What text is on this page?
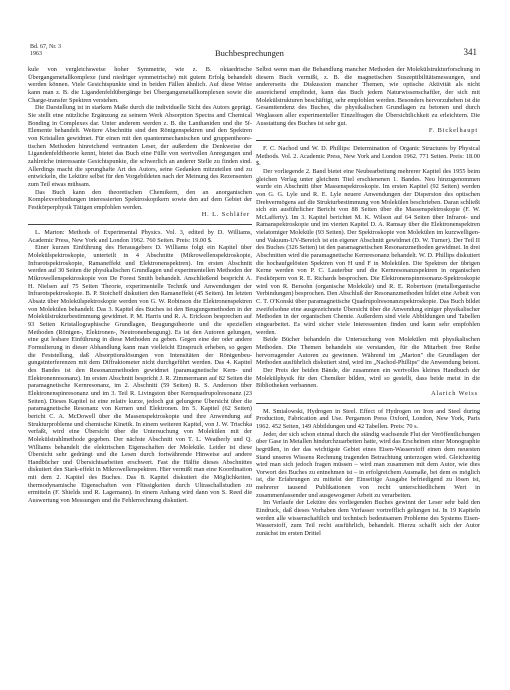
Bd. 67, Nr. 3
1963	Buchbesprechungen	341

kule von vergleichsweise hoher Symmetrie, wie z. B. oktaedrische Übergangsmetallkomplexe (und niedriger symmetrische) mit gutem Erfolg behandelt werden können. Viele Gesichtspunkte sind in beiden Fällen ähnlich. Auf diese Weise kann man z. B. die Ligandenfeldübergänge bei Übergangsmetallkomplexen sowie die Charge-transfer Spektren verstehen.

Die Darstellung ist in starkem Maße durch die individuelle Sicht des Autors geprägt. Sie stellt eine nützliche Ergänzung zu seinem Werk Absorption Spectra and Chemical Bonding in Complexes dar. Unter anderem werden z. B. die Lanthaniden und die 5f-Elemente behandelt. Weitere Abschnitte sind den Röntgenspektren und den Spektren von Kristallen gewidmet. Für einen mit den quantenmechanischen und gruppentheoretischen Methoden hinreichend vertrauten Leser, der außerdem die Denkweise der Ligandenfeldtheorie kennt, bietet das Buch eine Fülle von wertvollen Anregungen und zahlreiche interessante Gesichtspunkte, die schwerlich an anderer Stelle zu finden sind. Allerdings macht die sprunghafte Art des Autors, seine Gedanken mitzuteilen und zu entwickeln, die Lektüre selbst für den Vorgebildeten nach der Meinung des Rezensenten zum Teil etwas mühsam.

Das Buch kann den theoretischen Chemikern, den an anorganischen Komplexverbindungen interessierten Spektroskopikern sowie den auf dem Gebiet der Festkörperphysik Tätigen empfohlen werden.

H. L. Schläfer

L. Marton: Methods of Experimental Physics. Vol. 3, edited by D. Williams, Academic Press, New York and London 1962. 760 Seiten. Preis: 19.00 $.

Einer kurzen Einführung des Herausgebers D. Williams folgt ein Kapitel über Molekülspektroskopie, unterteilt in 4 Abschnitte (Mikrowellenspektroskopie, Infrarotspektroskopie, Ramaneffekt und Elektronenspektren). Im ersten Abschnitt werden auf 30 Seiten die physikalischen Grundlagen und experimentellen Methoden der Mikrowellenspektroskopie von De Forest Smith behandelt. Anschließend bespricht A. H. Nielsen auf 75 Seiten Theorie, experimentelle Technik und Anwendungen der Infrarotspektroskopie. B. P. Stoicheff diskutiert den Ramaneffekt (45 Seiten). Im letzten Absatz über Molekülspektroskopie werden von G. W. Robinson die Elektronenspektren von Molekülen behandelt. Das 3. Kapitel des Buches ist den Beugungsmethoden in der Molekülstrukturbestimmung gewidmet. P. M. Harris und R. A. Erickson besprechen auf 93 Seiten Kristallographische Grundlagen, Beugungstheorie und die speziellen Methoden (Röntgen-, Elektronen-, Neutronenbeugung). Es ist den Autoren gelungen, eine gut lesbare Einführung in diese Methoden zu geben. Gegen eine der oder andere Formulierung in dieser Abhandlung kann man vielleicht Einspruch erheben, so gegen die Feststellung, daß Absorptionslösungen von Intensitäten der Röntgenbeugungsinterferenzen mit dem Diffraktometer nicht durchgeführt werden. Das 4. Kapitel des Bandes ist den Resonanzmethoden gewidmet (paramagnetische Kern- und Elektronenresonanz). Im ersten Abschnitt bespricht J. R. Zimmermann auf 82 Seiten die paramagnetische Kernresonanz, im 2. Abschnitt (59 Seiten) R. S. Anderson über Elektronenspinresonanz und im 3. Teil R. Livingston über Kernquadrupolresonanz (23 Seiten). Dieses Kapitel ist eine relativ kurze, jedoch gut gelungene Übersicht über die paramagnetische Resonanz von Kernen und Elektronen. Im 5. Kapitel (62 Seiten) bericht C. A. McDowell über die Massenspektroskopie und ihre Anwendung auf Strukturprobleme und chemische Kinetik. In einem weiteren Kapitel, von J. W. Trischka verfaßt, wird eine Übersicht über die Untersuchung von Molekülen mit der Molekülstrahlmethode gegeben. Der nächste Abschnitt von T. L. Weatherly und Q. Williams behandelt die elektrischen Eigenschaften der Moleküle. Leider ist diese Übersicht sehr gedrängt und die Lesen durch fortwährende Hinweise auf andere Handbücher und Übersichtsarbeiten erschwert. Fast die Hälfte dieses Abschnittes diskutiert den Stark-effekt in Mikrowellenspektren. Hier vermißt man eine Koordination mit dem 2. Kapitel des Buches. Das 8. Kapitel diskutiert die Möglichkeiten, thermodynamische Eigenschaften von Flüssigkeiten durch Ultraschallstudien zu ermitteln (F. Shields und R. Lagemann). In einem Anhang wird dann von S. Reed die Auswertung von Messungen und die Fehlerrechnung diskutiert.

Selbst wenn man die Behandlung mancher Methoden der Molekülstrukturforschung in diesem Buch vermißt, z. B. die magnetischen Suszeptibilitätsmessungen, und andererseits die Diskussion mancher Themen, wie optische Aktivität als nicht ausreichend empfindet, kann das Buch jedem Naturwissenschaftler, der sich mit Molekülstrukturen beschäftigt, sehr empfohlen werden. Besonders hervorzuheben ist die Gesamttendenz des Buches, die physikalischen Grundlagen zu betonen und durch Weglassen aller experimenteller Einzelfragen die Übersichtlichkeit zu erleichtern. Die Ausstattung des Buches ist sehr gut.

F. Bickelhaupt

F. C. Nachod und W. D. Phillips: Determination of Organic Structures by Physical Methods. Vol. 2. Academic Press, New York and London 1962. 771 Seiten. Preis: 18.00 $.

Der vorliegende 2. Band bietet eine Neubearbeitung mehrerer Kapitel des 1955 beim gleichen Verlag unter gleichem Titel erschienenen 1. Bandes. Neu hinzugenommen wurde ein Abschnitt über Massenspektroskopie. Im ersten Kapitel (92 Seiten) werden von G. G. Lyle und R. E. Lyle neuere Anwendungen der Dispersion des optischen Drehvermögens auf die Strukturbestimmung von Molekülen beschrieben. Daran schließt sich ein ausführlicher Bericht von 88 Seiten über die Massenspektroskopie (F. W. McLafferty). Im 3. Kapitel berichtet M. K. Wilson auf 64 Seiten über Infrarot- und Ramanspektroskopie und im vierten Kapitel D. A. Ramsay über die Elektronenspektren vielatomiger Moleküle (93 Seiten). Der Spektroskopie von Molekülen im kurzwelligen- und Vakuum-UV-Bereich ist ein eigener Abschnitt gewidmet (D. W. Turner). Der Teil II des Buches (326 Seiten) ist den paramagnetischen Resonanzmethoden gewidmet. In drei Abschnitten wird die paramagnetische Kernresonanz behandelt. W. D. Phillips diskutiert die hochaufgelösten Spektren von H und F in Molekülen. Die Spektren der übrigen Kerne werden von P. C. Lauterbur und die Kernresonanzspektren in organischen Festkörpern von R. E. Richards besprochen. Die Elektronenspinresonanz-Spektroskopie wird von R. Bersohn (organische Moleküle) und R. E. Robertson (metallorganische Verbindungen) besprochen. Den Abschluß der Resonanzmethoden bildet eine Arbeit von C. T. O'Konski über paramagnetische Quadrupolresonanzspektroskopie. Das Buch bildet zweifelsohne eine ausgezeichnete Übersicht über die Anwendung einiger physikalischer Methoden in der organischen Chemie. Außerdem sind viele Abbildungen und Tabellen eingearbeitet. Es wird sicher viele Interessenten finden und kann sehr empfohlen werden.

Beide Bücher behandeln die Untersuchung von Molekülen mit physikalischen Methoden. Die Themen behandeln sie verstanden, für die Mitarbeit free Reihe hervorragender Autoren zu gewinnen. Während im „Marton" die Grundlagen der Methoden ausführlich diskutiert sind, wird im „Nachod-Phillips" die Anwendung betont.

Der Preis der beiden Bände, die zusammen ein wertvolles kleines Handbuch der Molekülphysik für den Chemiker bilden, wird so gestellt, dass beide meist in die Bibliotheken verbannen.

Alarich Weiss

M. Smialowski, Hydrogen in Steel. Effect of Hydrogen on Iron and Steel during Production, Fabrication and Use. Pergamon Press Oxford, London, New York, Paris 1962. 452 Seiten, 149 Abbildungen und 42 Tabellen. Preis: 70 s.

Jeder, der sich schon einmal durch die ständig wachsende Flut der Veröffentlichungen über Gase in Metallen hindurchzuarbeiten hatte, wird das Erscheinen einer Monographie begrüßen, in der das wichtigste Gebiet eines Eisen-Wasserstoff einen dem neuesten Stand unseres Wissens Rechnung tragenden Betrachtung unterzogen wird. Gleichzeitig wird man sich jedoch fragen müssen – wird man zusammen mit dem Autor, wie dies Vorwort des Buches zu entnehmen ist – in erfolgreichem Ausmaße, bei dem es möglich ist, die Erfahrungen zu mittelst der Einseitige Ausgabe befriedigend zu lösen ist, mehrerer tausend Publikationen von recht unterschiedlichem Wert in zusammenfassender und ausgewogener Arbeit zu verarbeiten.

Im Verlaufe der Lektüre des vorliegenden Buches gewinnt der Leser sehr bald den Eindruck, daß dieses Vorhaben dem Verfasser vortrefflich gelungen ist. In 19 Kapiteln werden alle wissenschaftlich und technisch bedeutsamen Probleme des Systems Eisen-Wasserstoff, zum Teil recht ausführlich, behandelt. Hierzu schafft sich der Autor zunächst im ersten Drittel
